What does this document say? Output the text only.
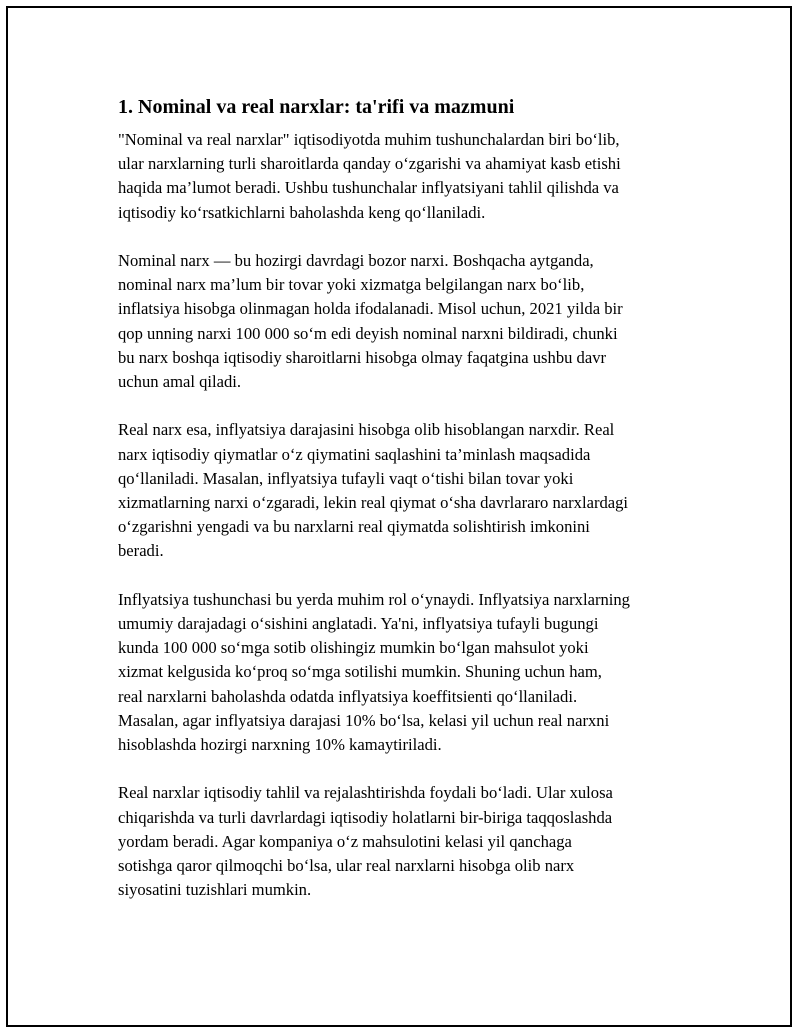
1. Nominal va real narxlar: ta'rifi va mazmuni

"Nominal va real narxlar" iqtisodiyotda muhim tushunchalardan biri bo‘lib,
ular narxlarning turli sharoitlarda qanday o‘zgarishi va ahamiyat kasb etishi
haqida ma’lumot beradi. Ushbu tushunchalar inflyatsiyani tahlil qilishda va
iqtisodiy ko‘rsatkichlarni baholashda keng qo‘llaniladi.

Nominal narx — bu hozirgi davrdagi bozor narxi. Boshqacha aytganda,
nominal narx ma’lum bir tovar yoki xizmatga belgilangan narx bo‘lib,
inflatsiya hisobga olinmagan holda ifodalanadi. Misol uchun, 2021 yilda bir
qop unning narxi 100 000 so‘m edi deyish nominal narxni bildiradi, chunki
bu narx boshqa iqtisodiy sharoitlarni hisobga olmay faqatgina ushbu davr
uchun amal qiladi.

Real narx esa, inflyatsiya darajasini hisobga olib hisoblangan narxdir. Real
narx iqtisodiy qiymatlar o‘z qiymatini saqlashini ta’minlash maqsadida
qo‘llaniladi. Masalan, inflyatsiya tufayli vaqt o‘tishi bilan tovar yoki
xizmatlarning narxi o‘zgaradi, lekin real qiymat o‘sha davrlararo narxlardagi
o‘zgarishni yengadi va bu narxlarni real qiymatda solishtirish imkonini
beradi.

Inflyatsiya tushunchasi bu yerda muhim rol o‘ynaydi. Inflyatsiya narxlarning
umumiy darajadagi o‘sishini anglatadi. Ya'ni, inflyatsiya tufayli bugungi
kunda 100 000 so‘mga sotib olishingiz mumkin bo‘lgan mahsulot yoki
xizmat kelgusida ko‘proq so‘mga sotilishi mumkin. Shuning uchun ham,
real narxlarni baholashda odatda inflyatsiya koeffitsienti qo‘llaniladi.
Masalan, agar inflyatsiya darajasi 10% bo‘lsa, kelasi yil uchun real narxni
hisoblashda hozirgi narxning 10% kamaytiriladi.

Real narxlar iqtisodiy tahlil va rejalashtirishda foydali bo‘ladi. Ular xulosa
chiqarishda va turli davrlardagi iqtisodiy holatlarni bir-biriga taqqoslashda
yordam beradi. Agar kompaniya o‘z mahsulotini kelasi yil qanchaga
sotishga qaror qilmoqchi bo‘lsa, ular real narxlarni hisobga olib narx
siyosatini tuzishlari mumkin.
